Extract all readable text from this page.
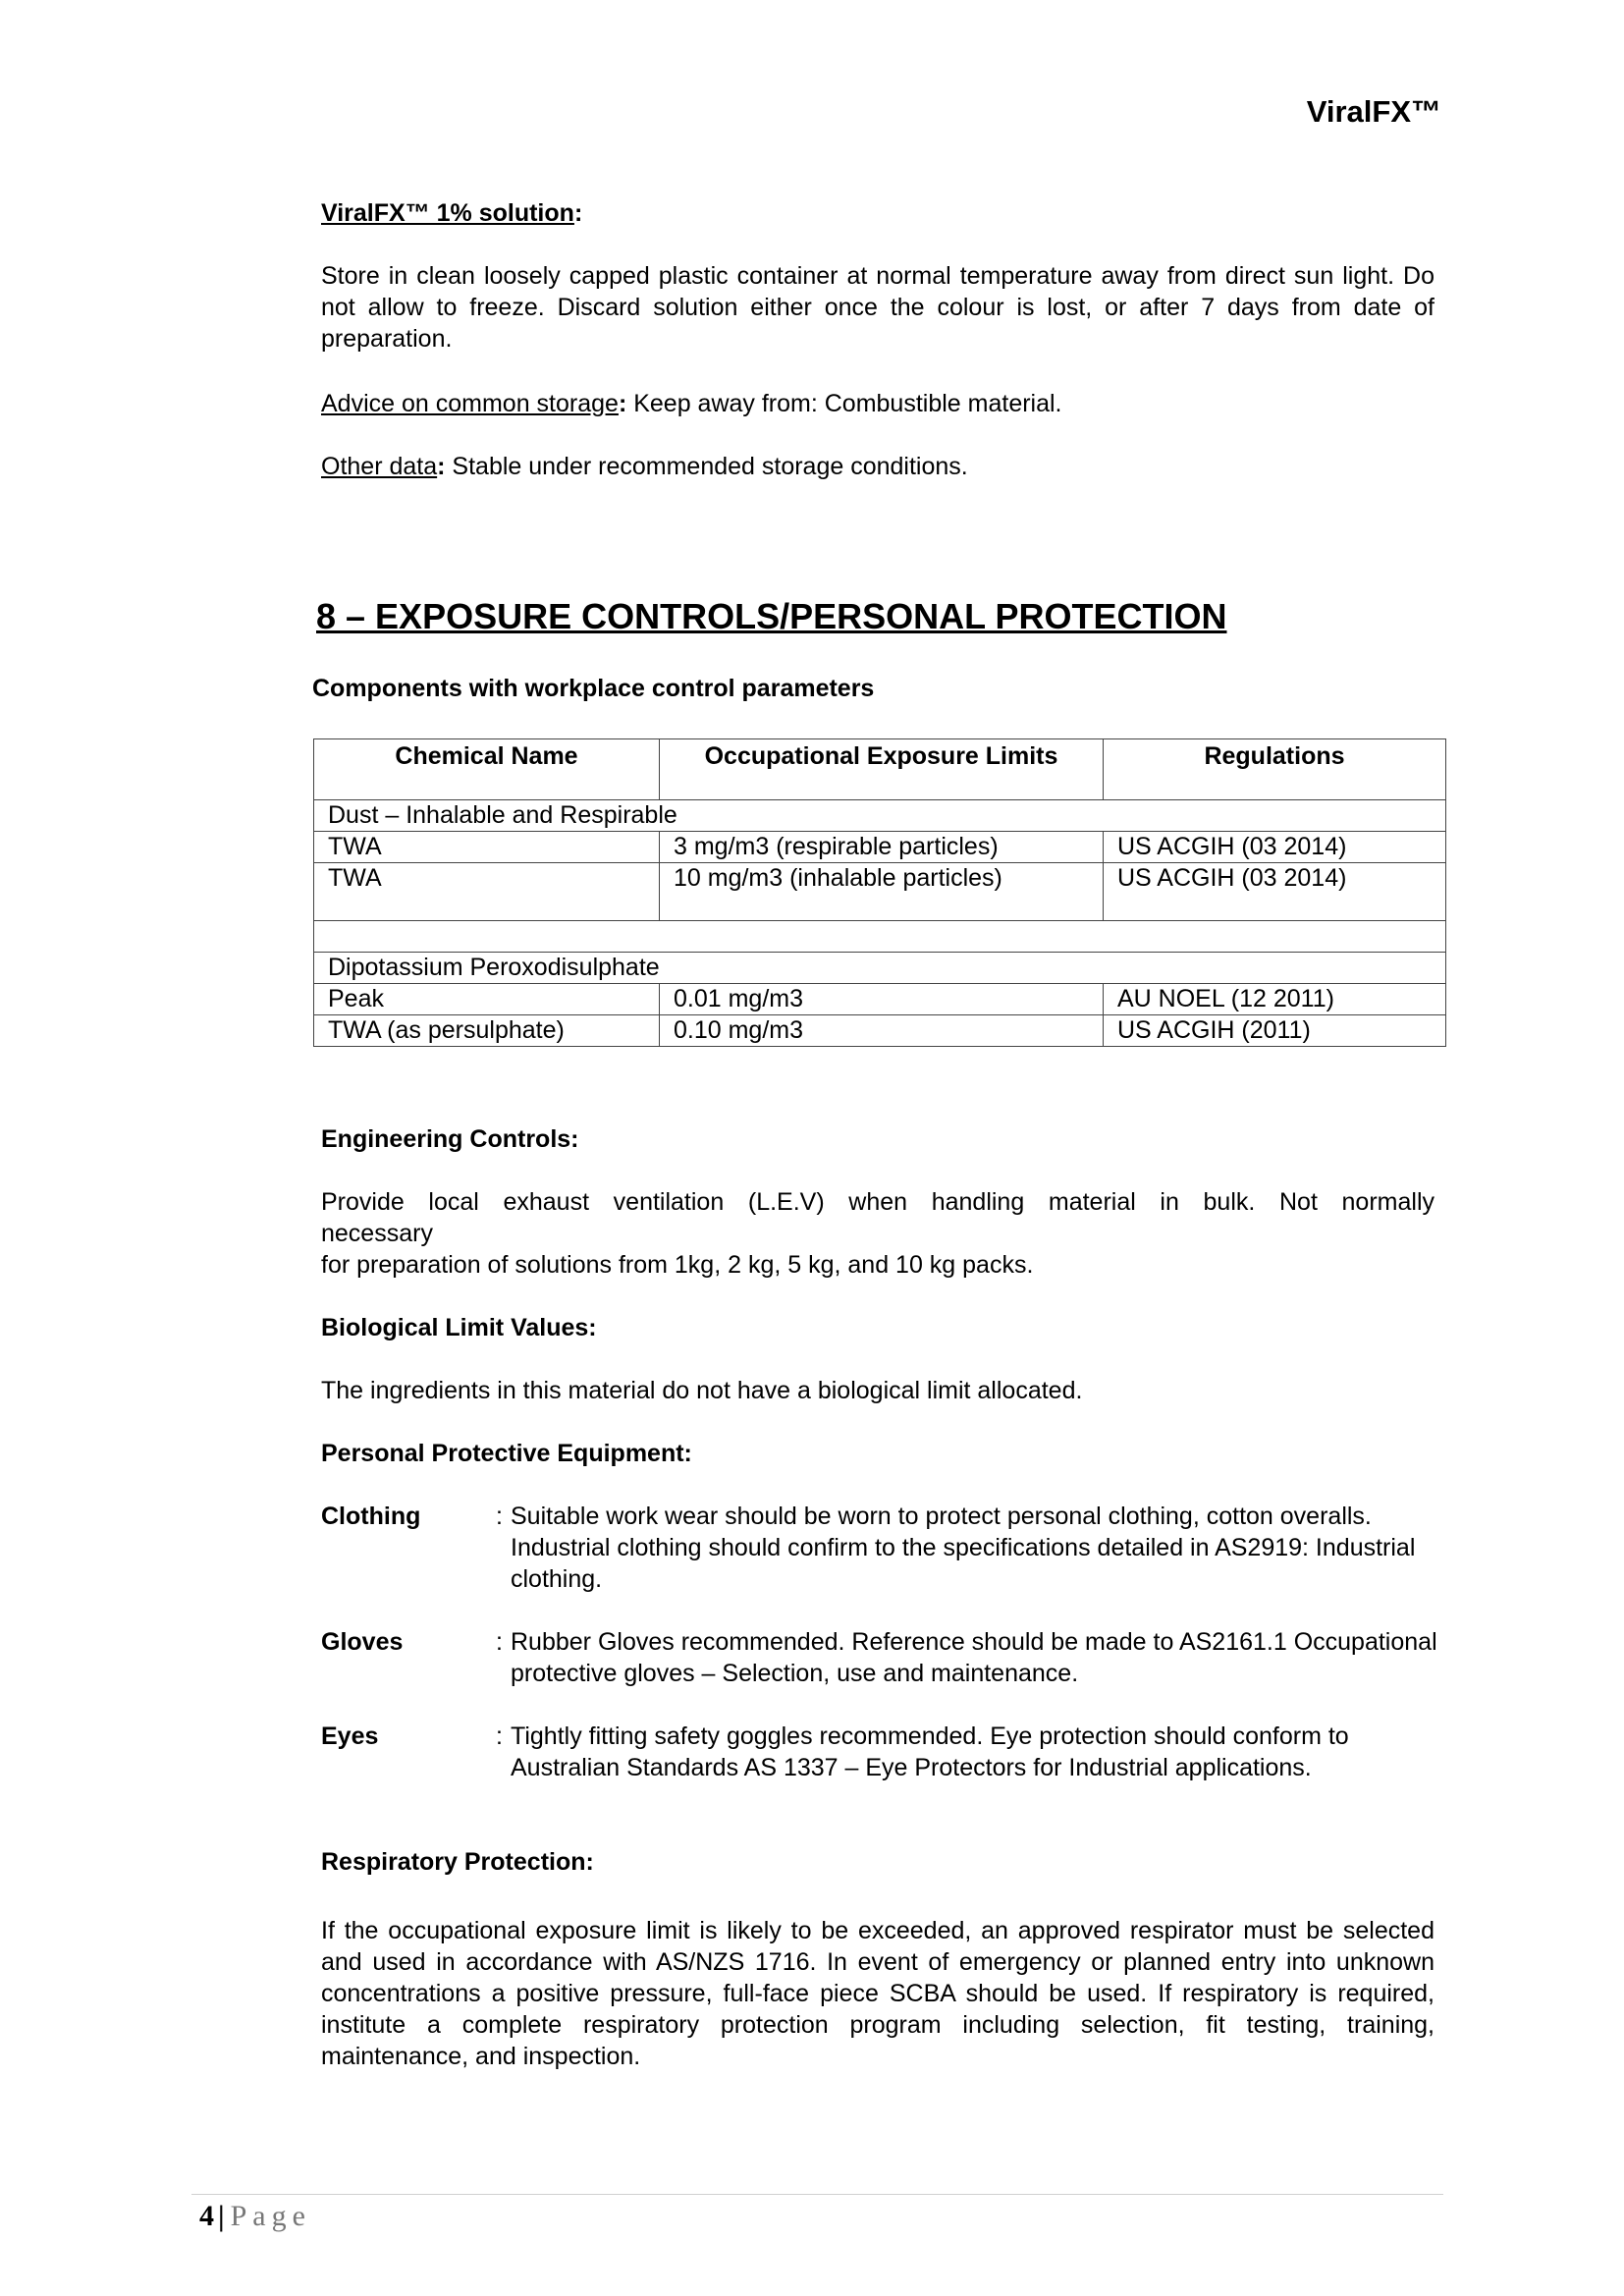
ViralFX™
ViralFX™ 1% solution:
Store in clean loosely capped plastic container at normal temperature away from direct sun light. Do not allow to freeze. Discard solution either once the colour is lost, or after 7 days from date of preparation.
Advice on common storage: Keep away from: Combustible material.
Other data: Stable under recommended storage conditions.
8 – EXPOSURE CONTROLS/PERSONAL PROTECTION
Components with workplace control parameters
Chemical Name	Occupational Exposure Limits	Regulations
Dust – Inhalable and Respirable		
TWA	3 mg/m3 (respirable particles)	US ACGIH (03 2014)
TWA	10 mg/m3 (inhalable particles)	US ACGIH (03 2014)

Dipotassium Peroxodisulphate		
Peak	0.01 mg/m3	AU NOEL (12 2011)
TWA (as persulphate)	0.10 mg/m3	US ACGIH (2011)
Engineering Controls:
Provide local exhaust ventilation (L.E.V) when handling material in bulk. Not normally
necessary
for preparation of solutions from 1kg, 2 kg, 5 kg, and 10 kg packs.
Biological Limit Values:
The ingredients in this material do not have a biological limit allocated.
Personal Protective Equipment:
Clothing	: Suitable work wear should be worn to protect personal clothing, cotton overalls. Industrial clothing should confirm to the specifications detailed in AS2919: Industrial clothing.
Gloves	: Rubber Gloves recommended. Reference should be made to AS2161.1 Occupational protective gloves – Selection, use and maintenance.
Eyes	: Tightly fitting safety goggles recommended. Eye protection should conform to Australian Standards AS 1337 – Eye Protectors for Industrial applications.
Respiratory Protection:
If the occupational exposure limit is likely to be exceeded, an approved respirator must be selected and used in accordance with AS/NZS 1716. In event of emergency or planned entry into unknown concentrations a positive pressure, full-face piece SCBA should be used. If respiratory is required, institute a complete respiratory protection program including selection, fit testing, training, maintenance, and inspection.
4 | Page
